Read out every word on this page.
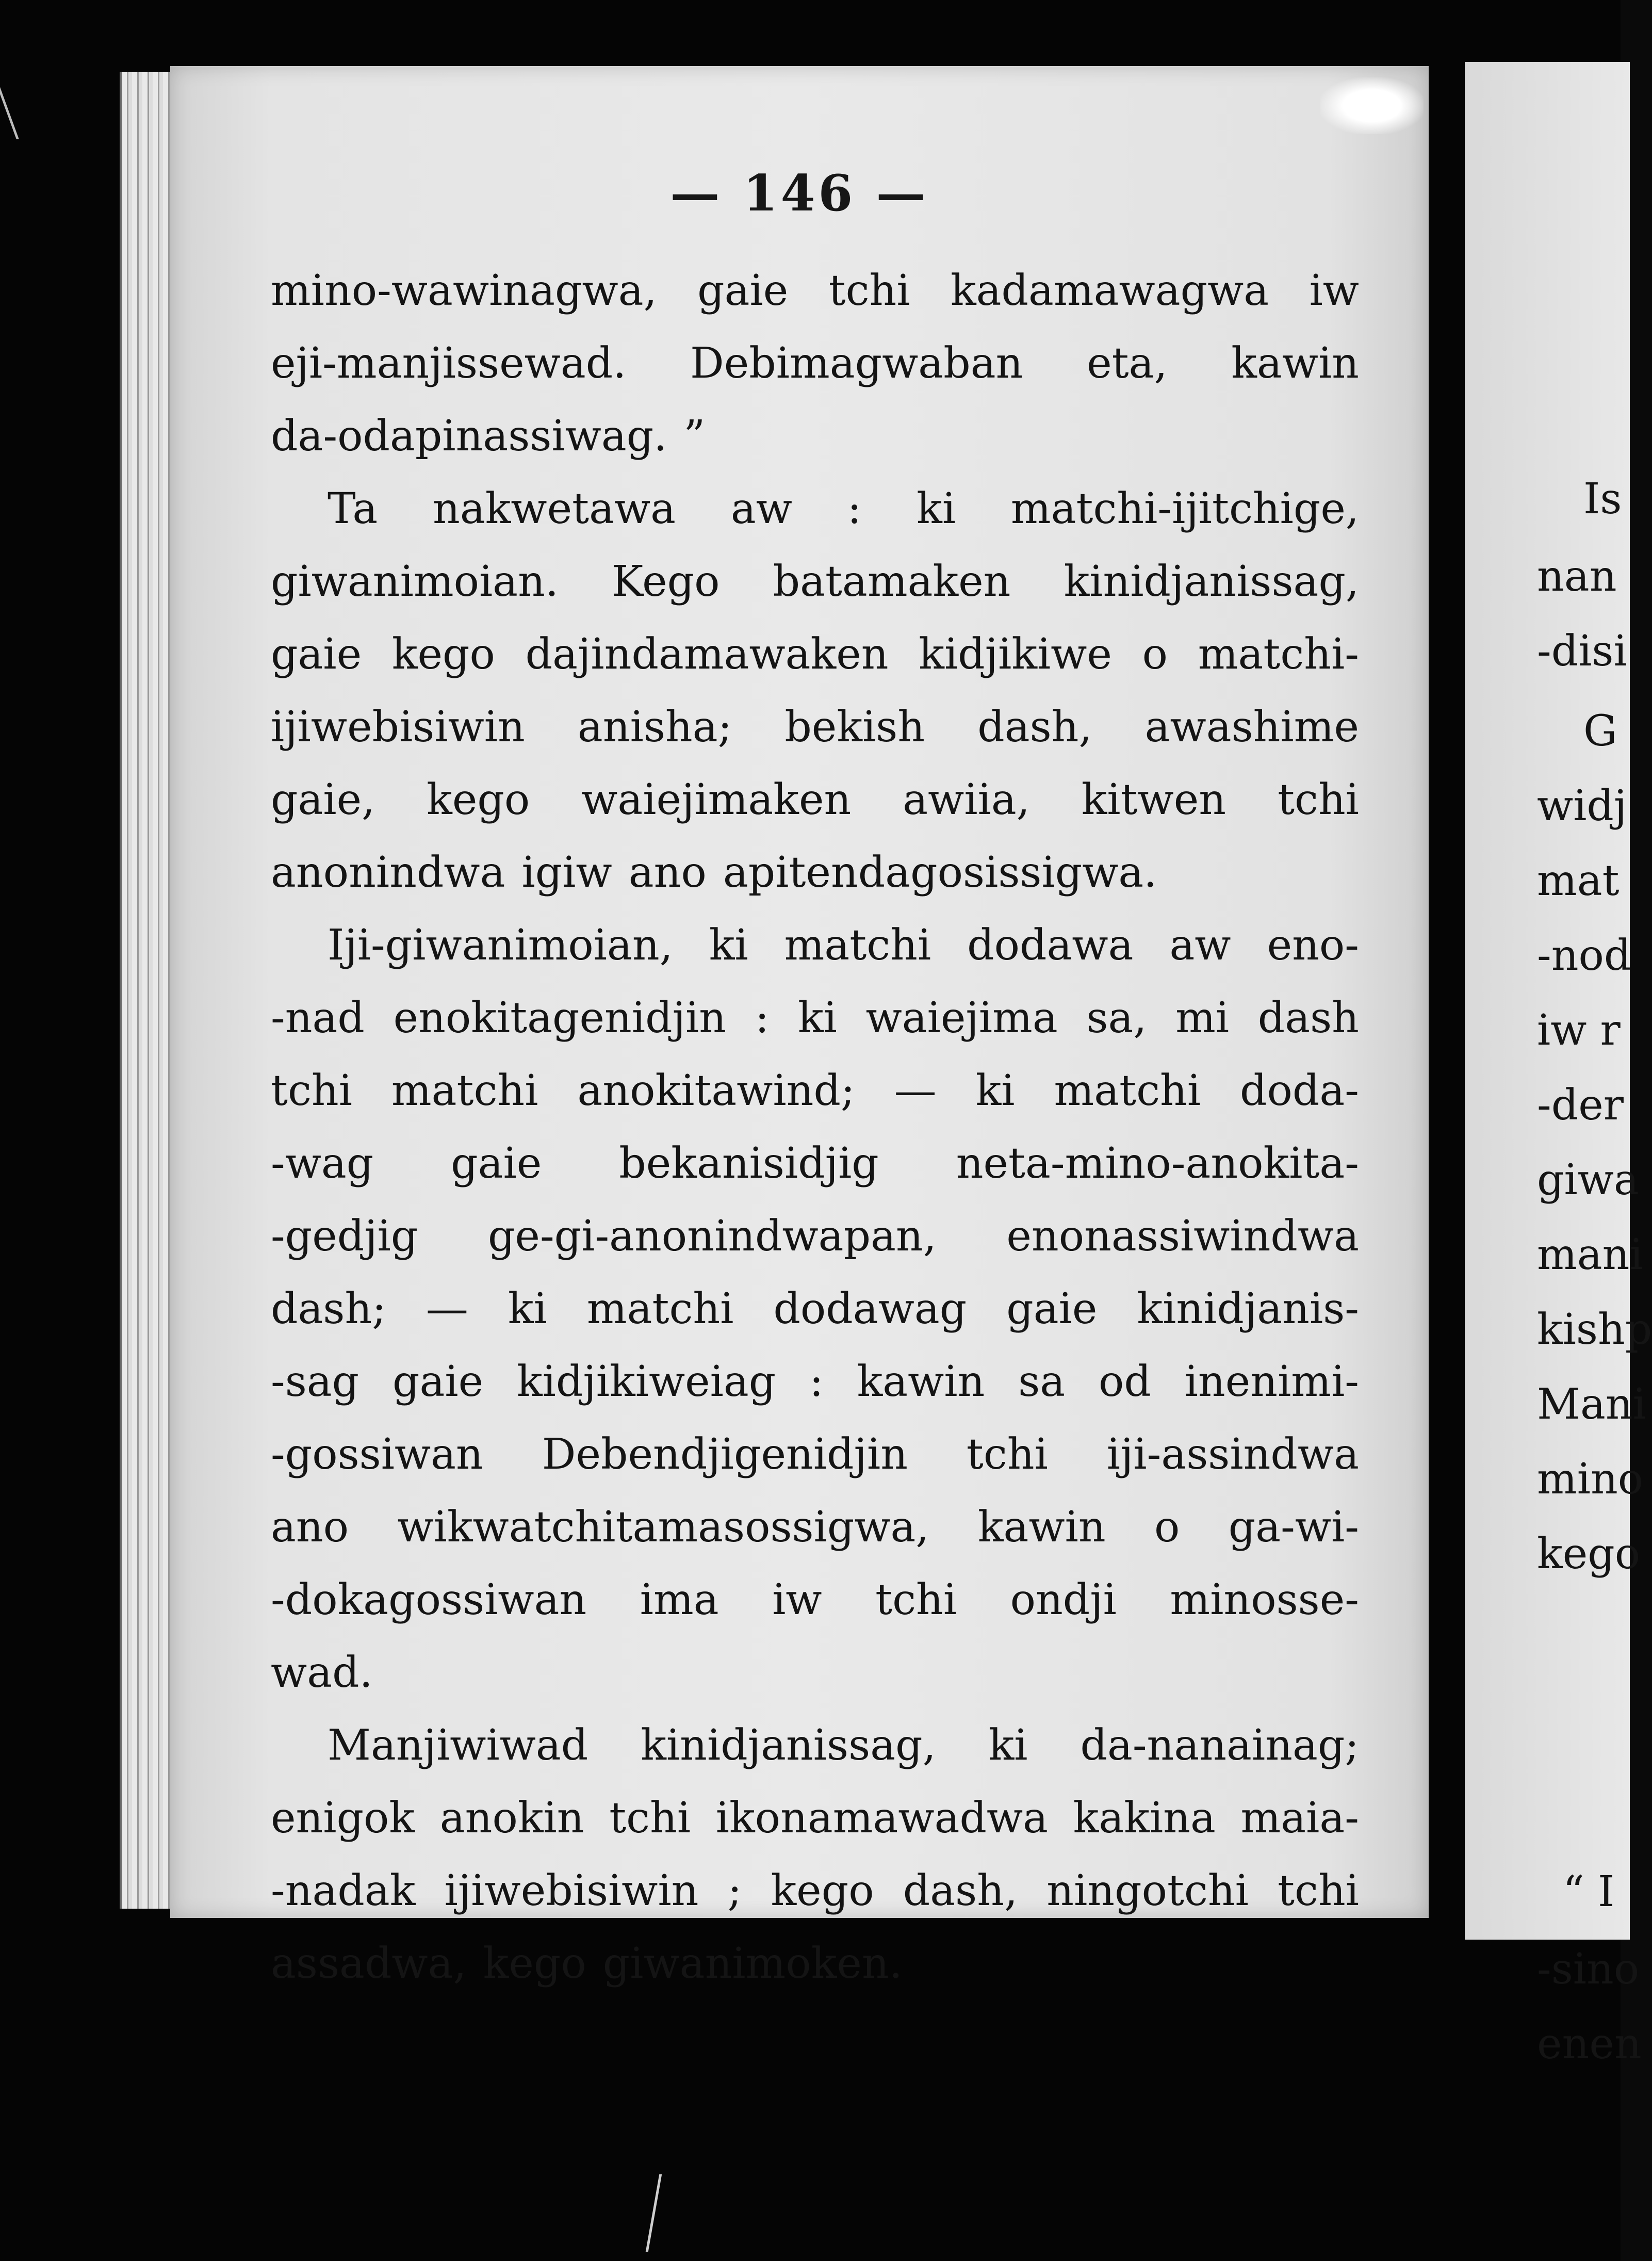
— 146 —
mino-wawinagwa, gaie tchi kadamawagwa iw
eji-manjissewad. Debimagwaban eta, kawin
da-odapinassiwag. ”
Ta nakwetawa aw : ki matchi-ijitchige,
giwanimoian. Kego batamaken kinidjanissag,
gaie kego dajindamawaken kidjikiwe o matchi-
ijiwebisiwin anisha; bekish dash, awashime
gaie, kego waiejimaken awiia, kitwen tchi
anonindwa igiw ano apitendagosissigwa.
Iji-giwanimoian, ki matchi dodawa aw eno-
-nad enokitagenidjin : ki waiejima sa, mi dash
tchi matchi anokitawind; — ki matchi doda-
-wag gaie bekanisidjig neta-mino-anokita-
-gedjig ge-gi-anonindwapan, enonassiwindwa
dash; — ki matchi dodawag gaie kinidjanis-
-sag gaie kidjikiweiag : kawin sa od inenimi-
-gossiwan Debendjigenidjin tchi iji-assindwa
ano wikwatchitamasossigwa, kawin o ga-wi-
-dokagossiwan ima iw tchi ondji minosse-
wad.
Manjiwiwad kinidjanissag, ki da-nanainag;
enigok anokin tchi ikonamawadwa kakina maia-
-nadak ijiwebisiwin ; kego dash, ningotchi tchi
assadwa, kego giwanimoken.
Is
nan
-disi
G
widj
mat
-nod
iw r
-der
giwa
mani
kishp
Mani
mino
kego
“ I
-sino
enen
